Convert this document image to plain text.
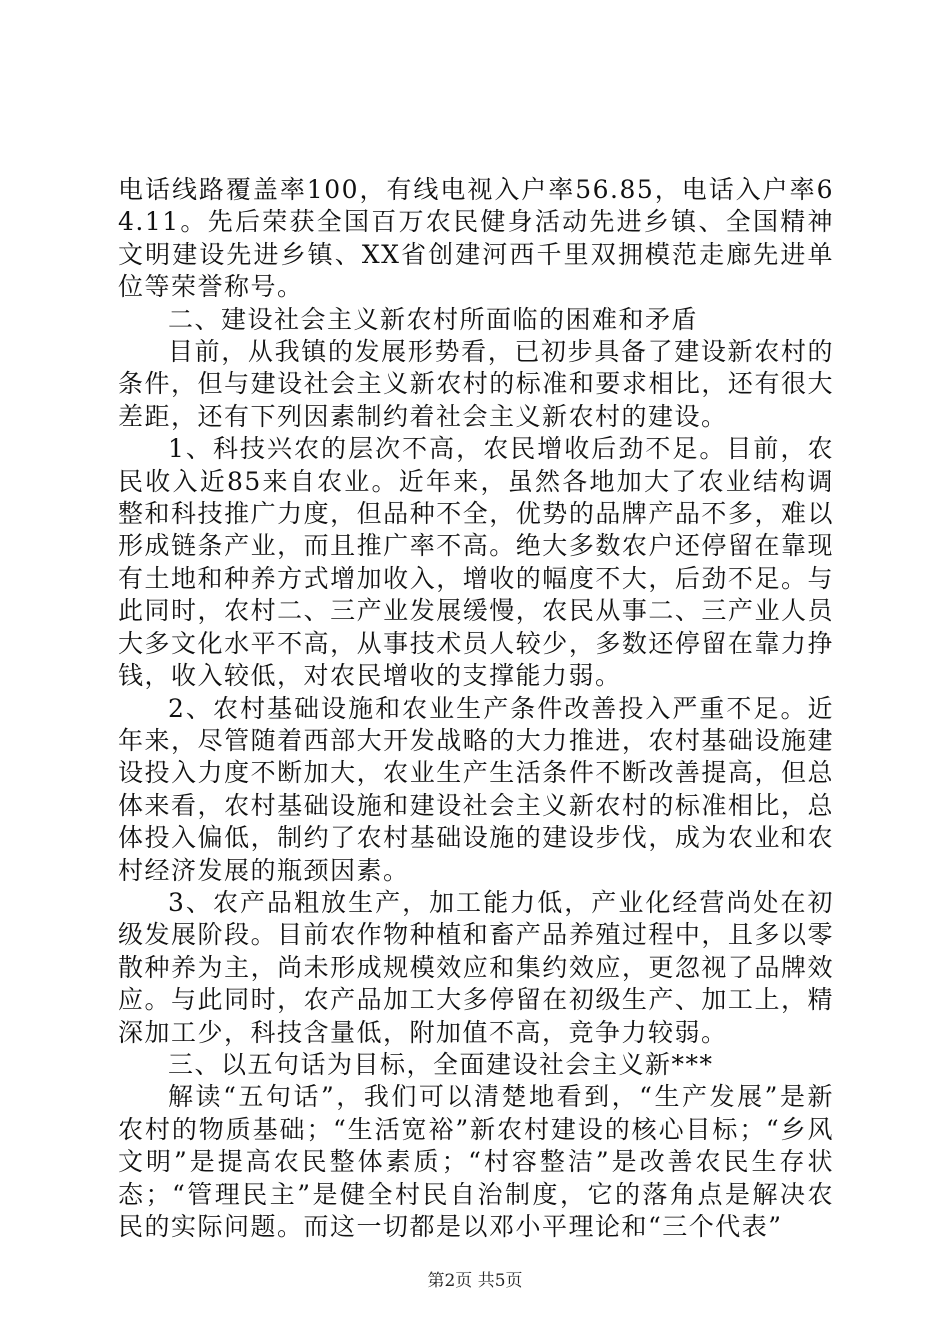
电话线路覆盖率100，有线电视入户率56.85，电话入户率64.11。先后荣获全国百万农民健身活动先进乡镇、全国精神文明建设先进乡镇、XX省创建河西千里双拥模范走廊先进单位等荣誉称号。

二、建设社会主义新农村所面临的困难和矛盾

目前，从我镇的发展形势看，已初步具备了建设新农村的条件，但与建设社会主义新农村的标准和要求相比，还有很大差距，还有下列因素制约着社会主义新农村的建设。

1、科技兴农的层次不高，农民增收后劲不足。目前，农民收入近85来自农业。近年来，虽然各地加大了农业结构调整和科技推广力度，但品种不全，优势的品牌产品不多，难以形成链条产业，而且推广率不高。绝大多数农户还停留在靠现有土地和种养方式增加收入，增收的幅度不大，后劲不足。与此同时，农村二、三产业发展缓慢，农民从事二、三产业人员大多文化水平不高，从事技术员人较少，多数还停留在靠力挣钱，收入较低，对农民增收的支撑能力弱。

2、农村基础设施和农业生产条件改善投入严重不足。近年来，尽管随着西部大开发战略的大力推进，农村基础设施建设投入力度不断加大，农业生产生活条件不断改善提高，但总体来看，农村基础设施和建设社会主义新农村的标准相比，总体投入偏低，制约了农村基础设施的建设步伐，成为农业和农村经济发展的瓶颈因素。

3、农产品粗放生产，加工能力低，产业化经营尚处在初级发展阶段。目前农作物种植和畜产品养殖过程中，且多以零散种养为主，尚未形成规模效应和集约效应，更忽视了品牌效应。与此同时，农产品加工大多停留在初级生产、加工上，精深加工少，科技含量低，附加值不高，竞争力较弱。

三、以五句话为目标，全面建设社会主义新***

解读“五句话”，我们可以清楚地看到，“生产发展”是新农村的物质基础；“生活宽裕”新农村建设的核心目标；“乡风文明”是提高农民整体素质；“村容整洁”是改善农民生存状态；“管理民主”是健全村民自治制度，它的落角点是解决农民的实际问题。而这一切都是以邓小平理论和“三个代表”

第2页 共5页
